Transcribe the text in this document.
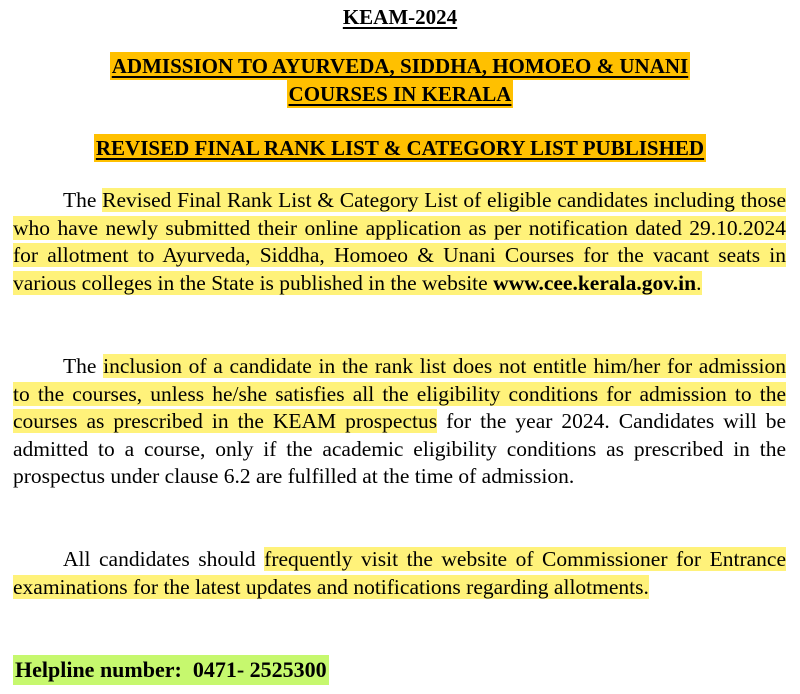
KEAM-2024
ADMISSION TO AYURVEDA, SIDDHA, HOMOEO & UNANI
COURSES IN KERALA
REVISED FINAL RANK LIST & CATEGORY LIST PUBLISHED
The Revised Final Rank List & Category List of eligible candidates including those who have newly submitted their online application as per notification dated 29.10.2024 for allotment to Ayurveda, Siddha, Homoeo & Unani Courses for the vacant seats in various colleges in the State is published in the website www.cee.kerala.gov.in.
The inclusion of a candidate in the rank list does not entitle him/her for admission to the courses, unless he/she satisfies all the eligibility conditions for admission to the courses as prescribed in the KEAM prospectus for the year 2024. Candidates will be admitted to a course, only if the academic eligibility conditions as prescribed in the prospectus under clause 6.2 are fulfilled at the time of admission.
All candidates should frequently visit the website of Commissioner for Entrance examinations for the latest updates and notifications regarding allotments.
Helpline number: 0471- 2525300
